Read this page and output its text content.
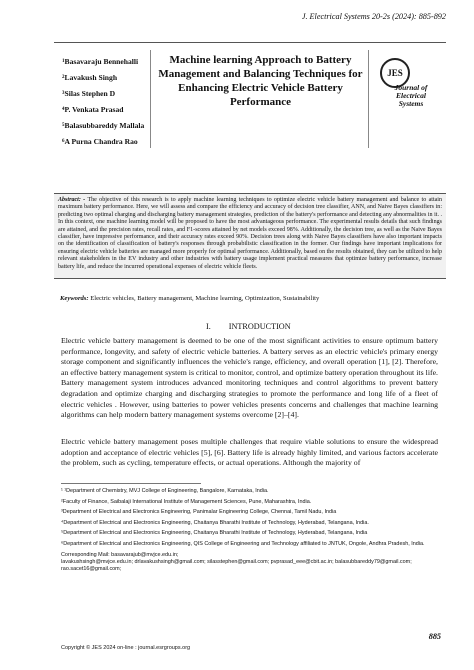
J. Electrical Systems 20-2s (2024): 885-892
$^1$Basavaraju Bennehalli
$^2$Lavakush Singh
$^3$Silas Stephen D
$^4$P. Venkata Prasad
$^5$Balasubbareddy Mallala
$^6$A Purna Chandra Rao
Machine learning Approach to Battery Management and Balancing Techniques for Enhancing Electric Vehicle Battery Performance
JES
Journal of Electrical Systems
Abstract: - The objective of this research is to apply machine learning techniques to optimize electric vehicle battery management and balance to attain maximum battery performance. Here, we will assess and compare the efficiency and accuracy of decision tree classifier, ANN, and Naive Bayes classifiers in: predicting two optimal charging and discharging battery management strategies, prediction of the battery's performance and detecting any abnormalities in it. . In this context, one machine learning model will be proposed to have the most advantageous performance. The experimental results details that such findings are attained, and the precision rates, recall rates, and F1-scores attained by net models exceed 98%. Additionally, the decision tree, as well as the Naive Bayes classifier, have impressive performance, and their accuracy rates exceed 90%. Decision trees along with Naive Bayes classifiers have also important impacts on the identification of classification of battery's responses through probabilistic classification in the former. Our findings have important implications for ensuring electric vehicle batteries are managed more properly for optimal performance. Additionally, based on the results obtained, they can be utilized to help relevant stakeholders in the EV industry and other industries with battery usage implement practical measures that optimize battery performance, increase battery life, and reduce the incurred operational expenses of electric vehicle fleets.
Keywords: Electric vehicles, Battery management, Machine learning, Optimization, Sustainability
I. INTRODUCTION
Electric vehicle battery management is deemed to be one of the most significant activities to ensure optimum battery performance, longevity, and safety of electric vehicle batteries. A battery serves as an electric vehicle's primary energy storage component and significantly influences the vehicle's range, efficiency, and overall operation [1], [2]. Therefore, an effective battery management system is critical to monitor, control, and optimize battery operation throughout its life. Battery management system introduces advanced monitoring techniques and control algorithms to prevent battery degradation and optimize charging and discharging strategies to promote the performance and long life of a fleet of electric vehicles . However, using batteries to power vehicles presents concerns and challenges that machine learning algorithms can help modern battery management systems overcome [2]–[4].
Electric vehicle battery management poses multiple challenges that require viable solutions to ensure the widespread adoption and acceptance of electric vehicles [5], [6]. Battery life is already highly limited, and various factors accelerate the problem, such as cycling, temperature effects, or actual operations. Although the majority of
¹ ¹Department of Chemistry, MVJ College of Engineering, Bangalore, Karnataka, India.
²Faculty of Finance, Saibalaji International Institute of Management Sciences, Pune, Maharashtra, India.
³Department of Electrical and Electronics Engineering, Panimalar Engineering College, Chennai, Tamil Nadu, India
⁴Department of Electrical and Electronics Engineering, Chaitanya Bharathi Institute of Technology, Hyderabad, Telangana, India.
⁵Department of Electrical and Electronics Engineering, Chaitanya Bharathi Institute of Technology, Hyderabad, Telangana, India
⁶Department of Electrical and Electronics Engineering, QIS College of Engineering and Technology affiliated to JNTUK, Ongole, Andhra Pradesh, India.
Corresponding Mail: basavarajub@mvjce.edu.in;
lavakushsingh@mvjce.edu.in; drlavakushsingh@gmail.com; silasstephen@gmail.com; pvprasad_eee@cbit.ac.in; balasubbareddy79@gmail.com; rao.sacet16@gmail.com;
Copyright © JES 2024 on-line : journal.esrgroups.org
885
